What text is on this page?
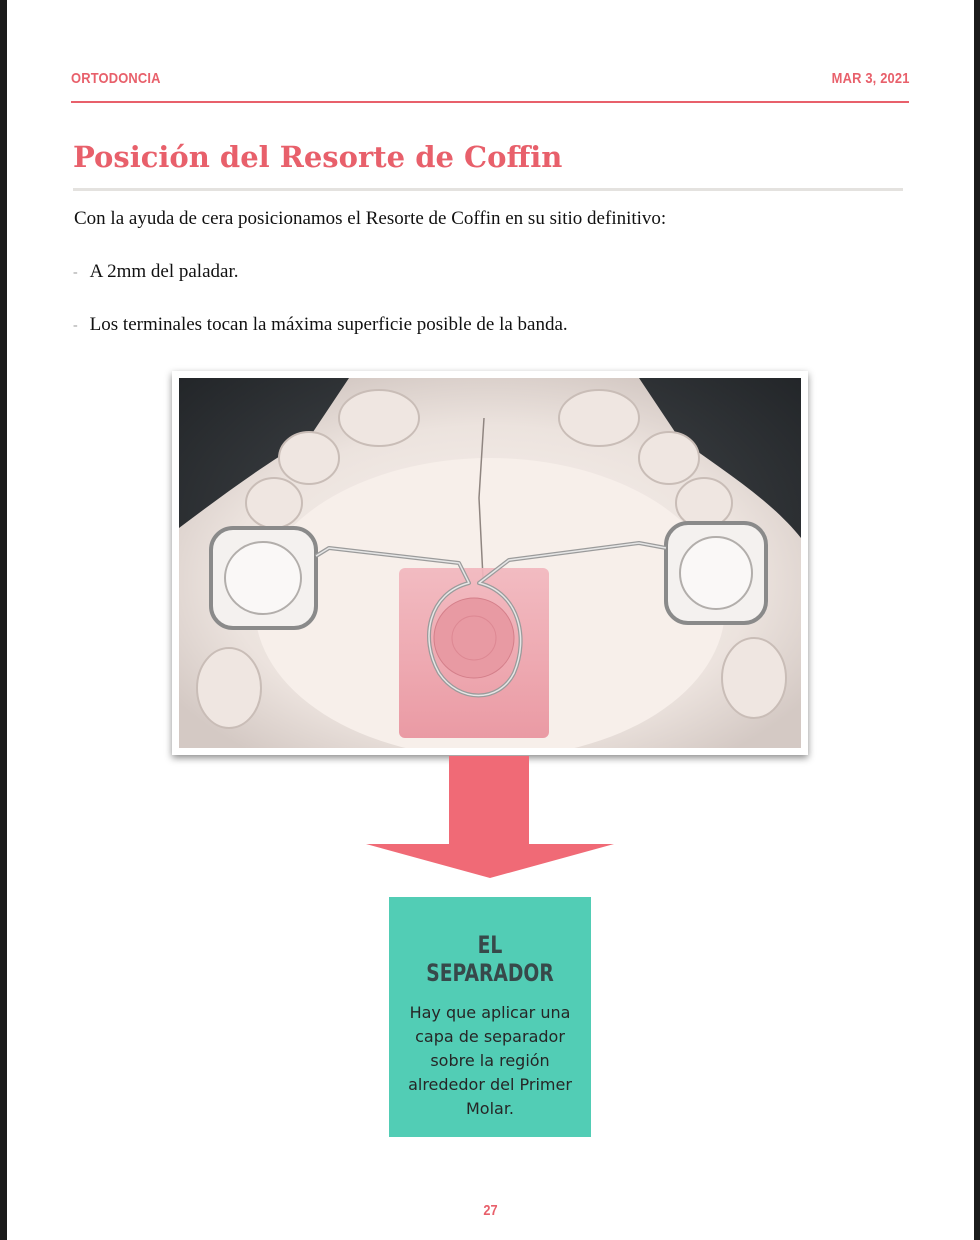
ORTODONCIA	MAR 3, 2021
Posición del Resorte de Coffin
Con la ayuda de cera posicionamos el Resorte de Coffin en su sitio definitivo:
- A 2mm del paladar.
- Los terminales tocan la máxima superficie posible de la banda.
EL SEPARADOR
Hay que aplicar una capa de separador sobre la región alrededor del Primer Molar.
27
